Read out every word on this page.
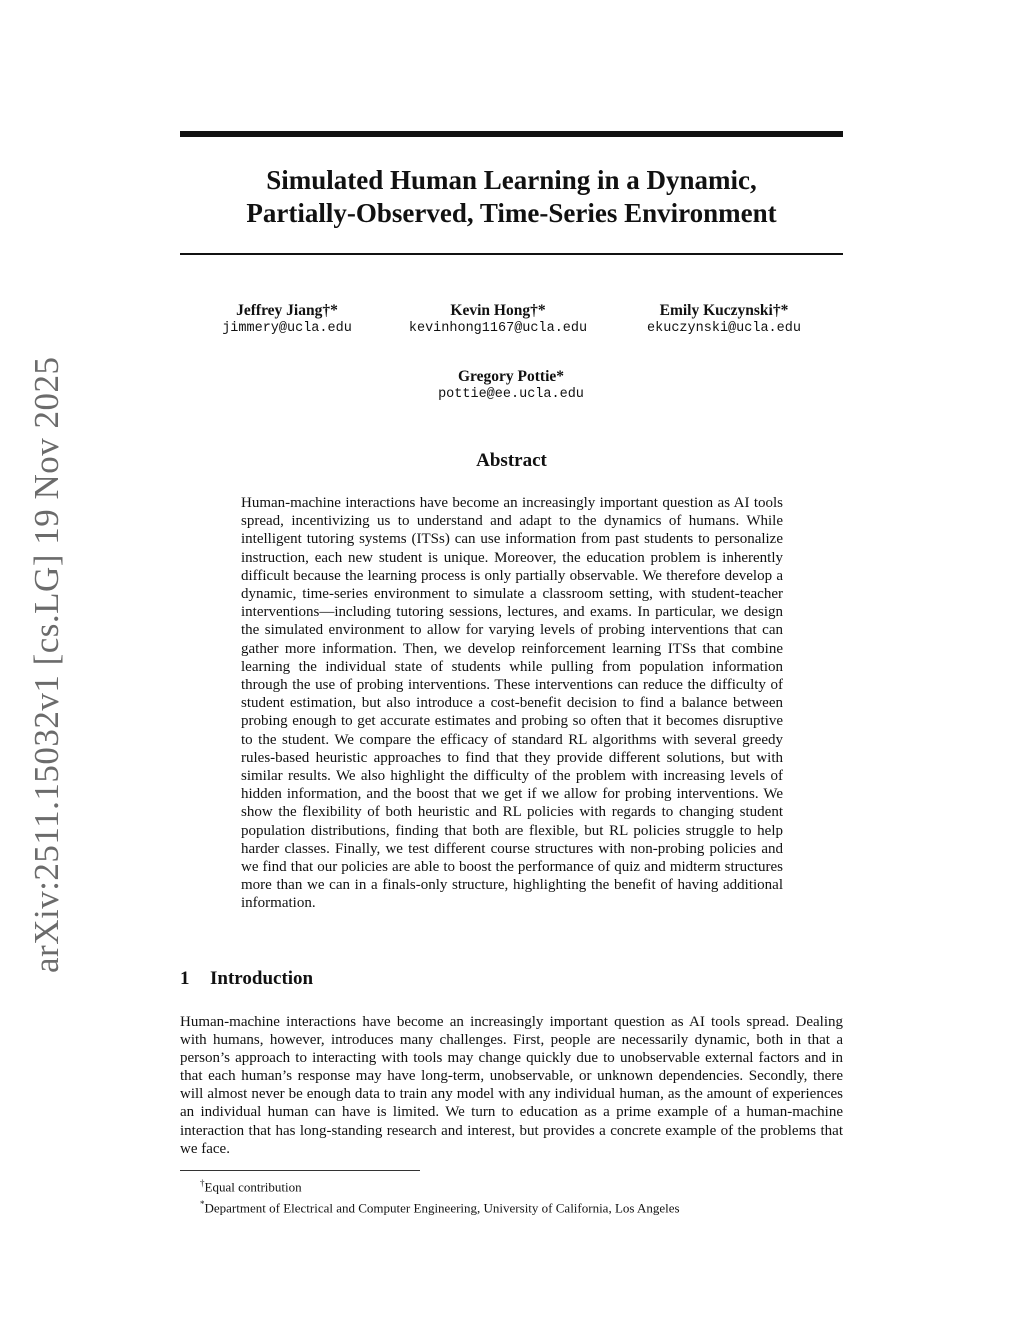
arXiv:2511.15032v1 [cs.LG] 19 Nov 2025
Simulated Human Learning in a Dynamic,
Partially-Observed, Time-Series Environment
Jeffrey Jiang†*
jimmery@ucla.edu
Kevin Hong†*
kevinhong1167@ucla.edu
Emily Kuczynski†*
ekuczynski@ucla.edu
Gregory Pottie*
pottie@ee.ucla.edu
Abstract
Human-machine interactions have become an increasingly important question as AI tools spread, incentivizing us to understand and adapt to the dynamics of humans. While intelligent tutoring systems (ITSs) can use information from past students to personalize instruction, each new student is unique. Moreover, the education problem is inherently difficult because the learning process is only partially observable. We therefore develop a dynamic, time-series environment to simulate a classroom setting, with student-teacher interventions—including tutoring sessions, lectures, and exams. In particular, we design the simulated environment to allow for varying levels of probing interventions that can gather more information. Then, we develop reinforcement learning ITSs that combine learning the individual state of students while pulling from population information through the use of probing interventions. These interventions can reduce the difficulty of student estimation, but also introduce a cost-benefit decision to find a balance between probing enough to get accurate estimates and probing so often that it becomes disruptive to the student. We compare the efficacy of standard RL algorithms with several greedy rules-based heuristic approaches to find that they provide different solutions, but with similar results. We also highlight the difficulty of the problem with increasing levels of hidden information, and the boost that we get if we allow for probing interventions. We show the flexibility of both heuristic and RL policies with regards to changing student population distributions, finding that both are flexible, but RL policies struggle to help harder classes. Finally, we test different course structures with non-probing policies and we find that our policies are able to boost the performance of quiz and midterm structures more than we can in a finals-only structure, highlighting the benefit of having additional information.
1 Introduction
Human-machine interactions have become an increasingly important question as AI tools spread. Dealing with humans, however, introduces many challenges. First, people are necessarily dynamic, both in that a person’s approach to interacting with tools may change quickly due to unobservable external factors and in that each human’s response may have long-term, unobservable, or unknown dependencies. Secondly, there will almost never be enough data to train any model with any individual human, as the amount of experiences an individual human can have is limited. We turn to education as a prime example of a human-machine interaction that has long-standing research and interest, but provides a concrete example of the problems that we face.
†Equal contribution
*Department of Electrical and Computer Engineering, University of California, Los Angeles
